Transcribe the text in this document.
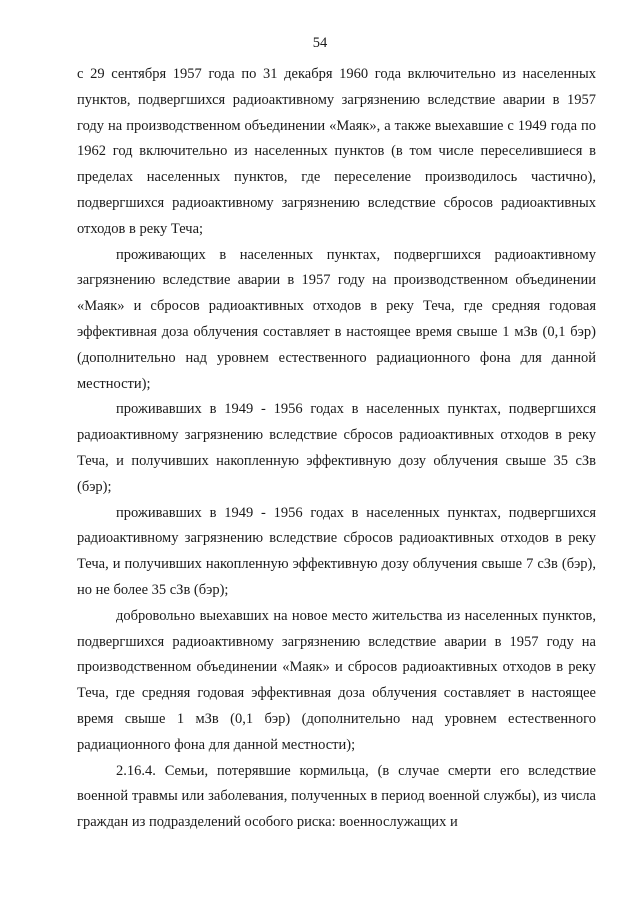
54

с 29 сентября 1957 года по 31 декабря 1960 года включительно из населенных пунктов, подвергшихся радиоактивному загрязнению вследствие аварии в 1957 году на производственном объединении «Маяк», а также выехавшие с 1949 года по 1962 год включительно из населенных пунктов (в том числе переселившиеся в пределах населенных пунктов, где переселение производилось частично), подвергшихся радиоактивному загрязнению вследствие сбросов радиоактивных отходов в реку Теча;

проживающих в населенных пунктах, подвергшихся радиоактивному загрязнению вследствие аварии в 1957 году на производственном объединении «Маяк» и сбросов радиоактивных отходов в реку Теча, где средняя годовая эффективная доза облучения составляет в настоящее время свыше 1 мЗв (0,1 бэр) (дополнительно над уровнем естественного радиационного фона для данной местности);

проживавших в 1949 - 1956 годах в населенных пунктах, подвергшихся радиоактивному загрязнению вследствие сбросов радиоактивных отходов в реку Теча, и получивших накопленную эффективную дозу облучения свыше 35 сЗв (бэр);

проживавших в 1949 - 1956 годах в населенных пунктах, подвергшихся радиоактивному загрязнению вследствие сбросов радиоактивных отходов в реку Теча, и получивших накопленную эффективную дозу облучения свыше 7 сЗв (бэр), но не более 35 сЗв (бэр);

добровольно выехавших на новое место жительства из населенных пунктов, подвергшихся радиоактивному загрязнению вследствие аварии в 1957 году на производственном объединении «Маяк» и сбросов радиоактивных отходов в реку Теча, где средняя годовая эффективная доза облучения составляет в настоящее время свыше 1 мЗв (0,1 бэр) (дополнительно над уровнем естественного радиационного фона для данной местности);

2.16.4. Семьи, потерявшие кормильца, (в случае смерти его вследствие военной травмы или заболевания, полученных в период военной службы), из числа граждан из подразделений особого риска: военнослужащих и
